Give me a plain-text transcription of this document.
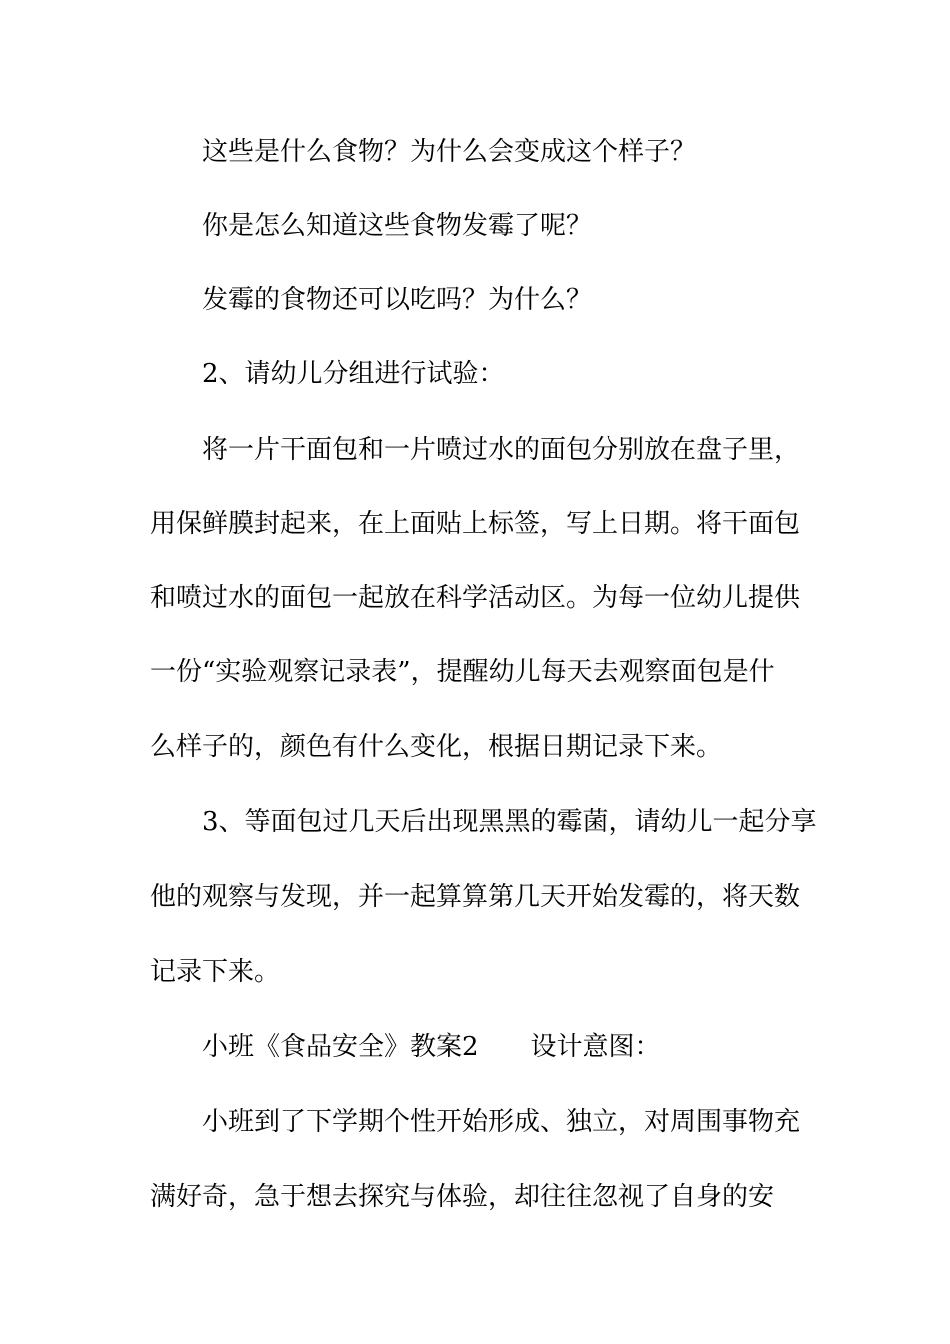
这些是什么食物？为什么会变成这个样子？
你是怎么知道这些食物发霉了呢？
发霉的食物还可以吃吗？为什么？
2、请幼儿分组进行试验：
将一片干面包和一片喷过水的面包分别放在盘子里，
用保鲜膜封起来，在上面贴上标签，写上日期。将干面包
和喷过水的面包一起放在科学活动区。为每一位幼儿提供
一份“实验观察记录表”，提醒幼儿每天去观察面包是什
么样子的，颜色有什么变化，根据日期记录下来。
3、等面包过几天后出现黑黑的霉菌，请幼儿一起分享
他的观察与发现，并一起算算第几天开始发霉的，将天数
记录下来。
小班《食品安全》教案2　　设计意图：
小班到了下学期个性开始形成、独立，对周围事物充
满好奇，急于想去探究与体验，却往往忽视了自身的安
